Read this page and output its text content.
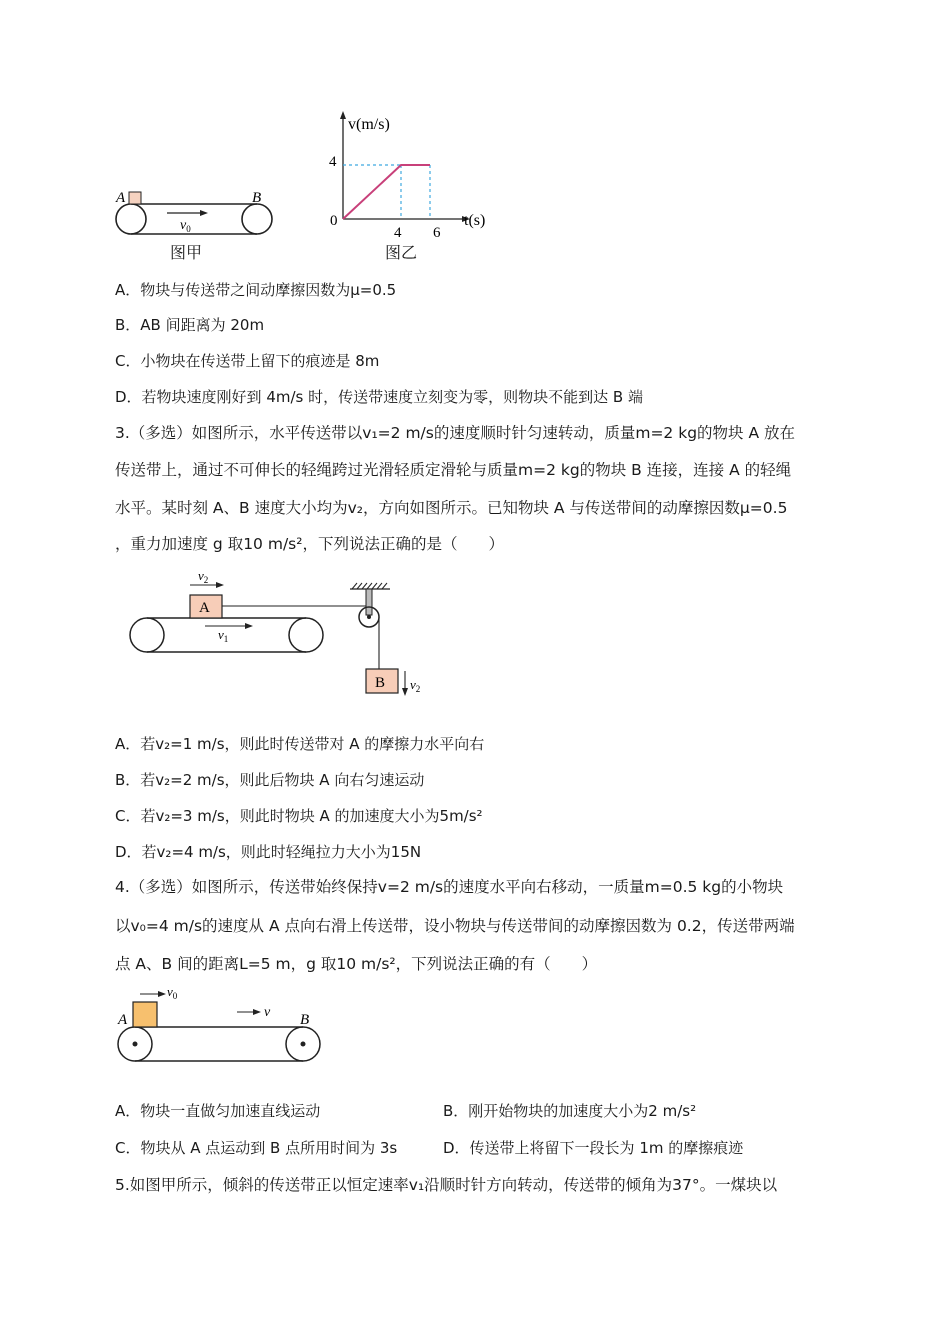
A	B
$v_0$
v(m/s)
t(s)
0
4
4 6
图甲	图乙
A．物块与传送带之间动摩擦因数为μ=0.5
B．AB 间距离为 20m
C．小物块在传送带上留下的痕迹是 8m
D．若物块速度刚好到 4m/s 时，传送带速度立刻变为零，则物块不能到达 B 端
3.（多选）如图所示，水平传送带以v₁=2 m/s的速度顺时针匀速转动，质量m=2 kg的物块 A 放在
传送带上，通过不可伸长的轻绳跨过光滑轻质定滑轮与质量m=2 kg的物块 B 连接，连接 A 的轻绳
水平。某时刻 A、B 速度大小均为v₂，方向如图所示。已知物块 A 与传送带间的动摩擦因数μ=0.5
，重力加速度 g 取10 m/s²，下列说法正确的是（　　）
A
$v_2$
$v_1$
B $v_2$
A．若v₂=1 m/s，则此时传送带对 A 的摩擦力水平向右
B．若v₂=2 m/s，则此后物块 A 向右匀速运动
C．若v₂=3 m/s，则此时物块 A 的加速度大小为5m/s²
D．若v₂=4 m/s，则此时轻绳拉力大小为15N
4.（多选）如图所示，传送带始终保持v=2 m/s的速度水平向右移动，一质量m=0.5 kg的小物块
以v₀=4 m/s的速度从 A 点向右滑上传送带，设小物块与传送带间的动摩擦因数为 0.2，传送带两端
点 A、B 间的距离L=5 m，g 取10 m/s²，下列说法正确的有（　　）
A	B
$v_0$
v
A．物块一直做匀加速直线运动	B．刚开始物块的加速度大小为2 m/s²
C．物块从 A 点运动到 B 点所用时间为 3s	D．传送带上将留下一段长为 1m 的摩擦痕迹
5.如图甲所示，倾斜的传送带正以恒定速率v₁沿顺时针方向转动，传送带的倾角为37°。一煤块以
